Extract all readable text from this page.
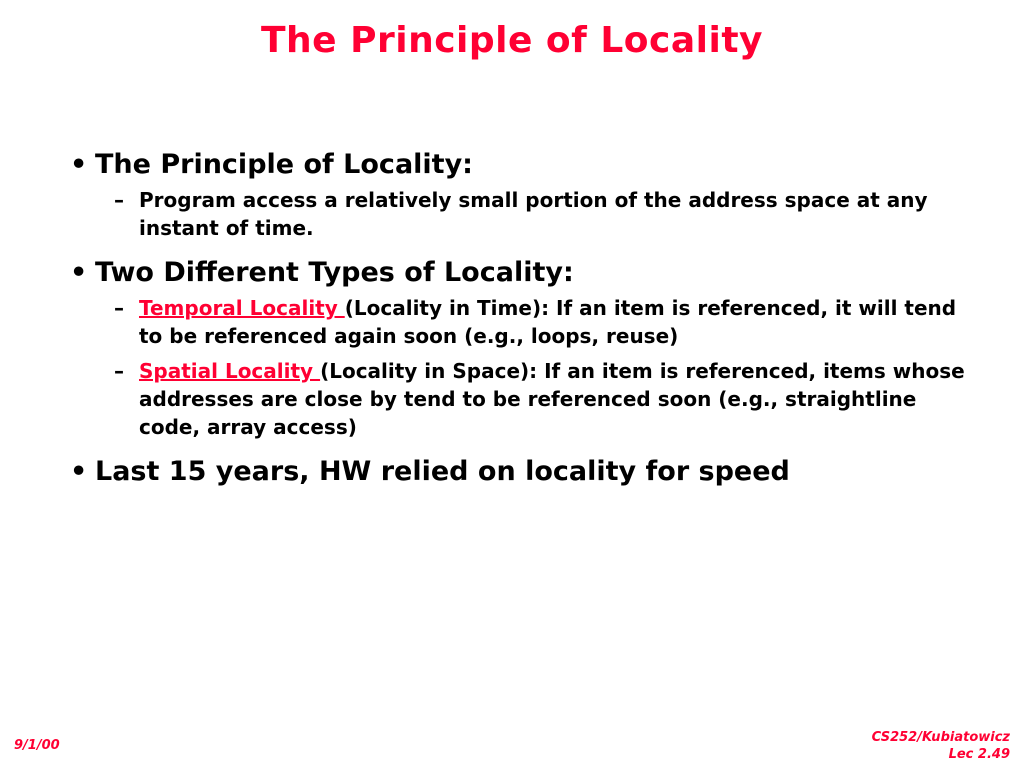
The Principle of Locality
• The Principle of Locality:
– Program access a relatively small portion of the address space at any instant of time.
• Two Different Types of Locality:
– Temporal Locality (Locality in Time): If an item is referenced, it will tend to be referenced again soon (e.g., loops, reuse)
– Spatial Locality (Locality in Space): If an item is referenced, items whose addresses are close by tend to be referenced soon (e.g., straightline code, array access)
• Last 15 years, HW relied on locality for speed
9/1/00
CS252/Kubiatowicz
Lec 2.49
